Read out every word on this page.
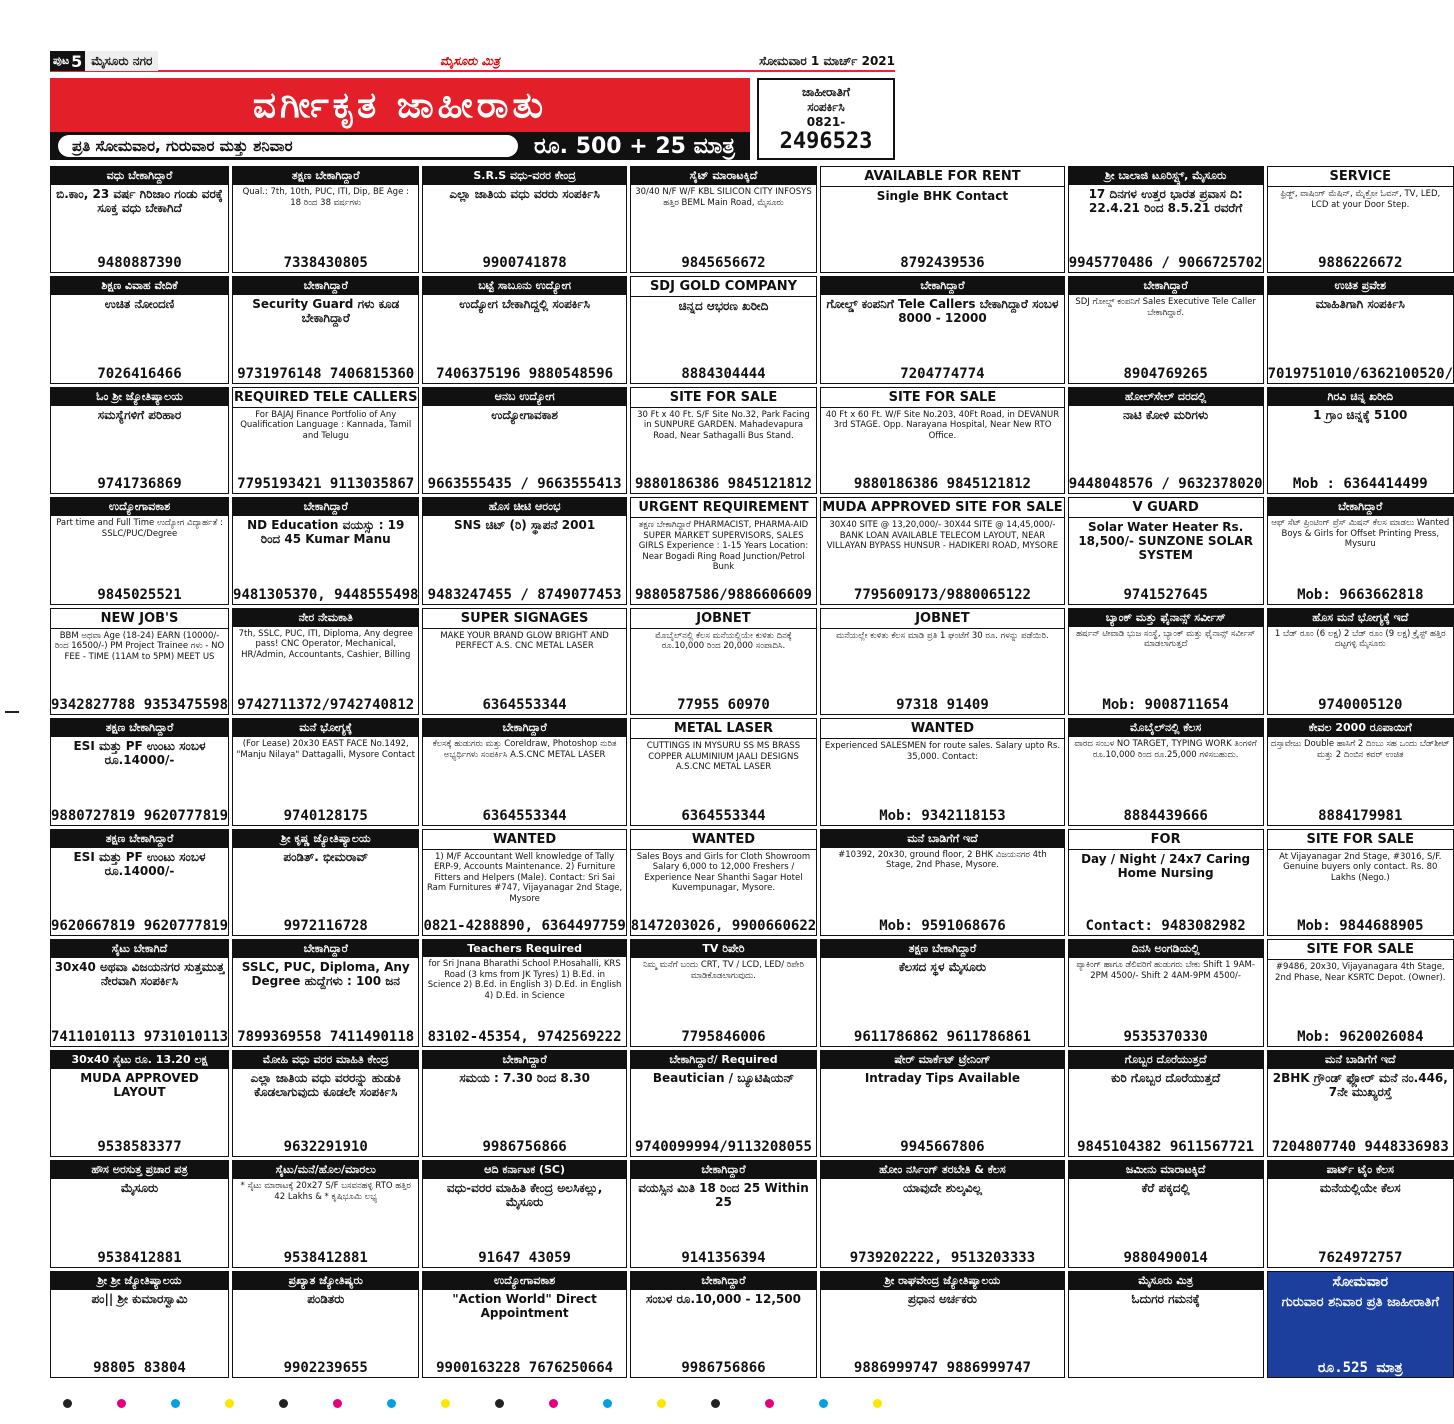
ಪುಟ 5 ಮೈಸೂರು ನಗರ	ಮೈಸೂರು ಮಿತ್ರ	ಸೋಮವಾರ 1 ಮಾರ್ಚ್ 2021
ವರ್ಗೀಕೃತ ಜಾಹೀರಾತು
ಪ್ರತಿ ಸೋಮವಾರ, ಗುರುವಾರ ಮತ್ತು ಶನಿವಾರ	ರೂ. 500 + 25 ಮಾತ್ರ
ಜಾಹೀರಾತಿಗೆ
ಸಂಪರ್ಕಿಸಿ
0821-
2496523
ವಧು ಬೇಕಾಗಿದ್ದಾರೆ
ಬಿ.ಕಾಂ, 23 ವರ್ಷ ಗಿರಿಜಾಂ ಗಂಡು ವರಕ್ಕೆ ಸೂಕ್ತ ವಧು ಬೇಕಾಗಿದೆ
9480887390
ತಕ್ಷಣ ಬೇಕಾಗಿದ್ದಾರೆ
Qual.: 7th, 10th, PUC, ITI, Dip, BE Age : 18 ರಿಂದ 38 ವರ್ಷಗಳು
7338430805
S.R.S ವಧು-ವರರ ಕೇಂದ್ರ
ಎಲ್ಲಾ ಜಾತಿಯ ವಧು ವರರು ಸಂಪರ್ಕಿಸಿ
9900741878
ಸೈಟ್ ಮಾರಾಟಕ್ಕಿದೆ
30/40 N/F W/F KBL SILICON CITY INFOSYS ಹತ್ತಿರ BEML Main Road, ಮೈಸೂರು
9845656672
AVAILABLE FOR RENT
Single BHK Contact
8792439536
ಶ್ರೀ ಬಾಲಾಜಿ ಟೂರಿಸ್ಟ್ಸ್, ಮೈಸೂರು
17 ದಿನಗಳ ಉತ್ತರ ಭಾರತ ಪ್ರವಾಸ ದಿ: 22.4.21 ರಿಂದ 8.5.21 ರವರೆಗೆ
9945770486 / 9066725702
SERVICE
ಫ್ರಿಡ್ಜ್, ವಾಷಿಂಗ್ ಮೆಷಿನ್, ಮೈಕ್ರೋ ಓವನ್, TV, LED, LCD at your Door Step.
9886226672
ಶಿಕ್ಷಣ ವಿವಾಹ ವೇದಿಕೆ
ಉಚಿತ ನೋಂದಣಿ
7026416466
ಬೇಕಾಗಿದ್ದಾರೆ
Security Guard ಗಳು ಕೂಡ ಬೇಕಾಗಿದ್ದಾರೆ
9731976148 7406815360
ಬಟ್ಟೆ ಸಾಬೂನು ಉದ್ಯೋಗ
ಉದ್ಯೋಗ ಬೇಕಾಗಿದ್ದಲ್ಲಿ ಸಂಪರ್ಕಿಸಿ
7406375196 9880548596
SDJ GOLD COMPANY
ಚಿನ್ನದ ಆಭರಣ ಖರೀದಿ
8884304444
ಬೇಕಾಗಿದ್ದಾರೆ
ಗೋಲ್ಡ್ ಕಂಪನಿಗೆ Tele Callers ಬೇಕಾಗಿದ್ದಾರೆ ಸಂಬಳ 8000 - 12000
7204774774
ಬೇಕಾಗಿದ್ದಾರೆ
SDJ ಗೋಲ್ಡ್ ಕಂಪನಿಗೆ Sales Executive Tele Caller ಬೇಕಾಗಿದ್ದಾರೆ.
8904769265
ಉಚಿತ ಪ್ರವೇಶ
ಮಾಹಿತಿಗಾಗಿ ಸಂಪರ್ಕಿಸಿ
7019751010/6362100520/
ಓಂ ಶ್ರೀ ಜ್ಯೋತಿಷ್ಯಾಲಯ
ಸಮಸ್ಯೆಗಳಿಗೆ ಪರಿಹಾರ
9741736869
REQUIRED TELE CALLERS
For BAJAJ Finance Portfolio of Any Qualification Language : Kannada, Tamil and Telugu
7795193421 9113035867
ಆನಬ ಉದ್ಯೋಗ
ಉದ್ಯೋಗಾವಕಾಶ
9663555435 / 9663555413
SITE FOR SALE
30 Ft x 40 Ft. S/F Site No.32, Park Facing in SUNPURE GARDEN. Mahadevapura Road, Near Sathagalli Bus Stand.
9880186386 9845121812
SITE FOR SALE
40 Ft x 60 Ft. W/F Site No.203, 40Ft Road, in DEVANUR 3rd STAGE. Opp. Narayana Hospital, Near New RTO Office.
9880186386 9845121812
ಹೋಲ್‌ಸೇಲ್ ದರದಲ್ಲಿ
ನಾಟಿ ಕೋಳಿ ಮರಿಗಳು
9448048576 / 9632378020
ಗಿರವಿ ಚಿನ್ನ ಖರೀದಿ
1 ಗ್ರಾಂ ಚಿನ್ನಕ್ಕೆ 5100
Mob : 6364414499
ಉದ್ಯೋಗಾವಕಾಶ
Part time and Full Time ಉದ್ಯೋಗ ವಿದ್ಯಾರ್ಹತೆ : SSLC/PUC/Degree
9845025521
ಬೇಕಾಗಿದ್ದಾರೆ
ND Education ವಯಸ್ಸು : 19 ರಿಂದ 45 Kumar Manu
9481305370, 9448555498
ಹೊಸ ಚೀಟಿ ಆರಂಭ
SNS ಚಿಟ್ (ರಿ) ಸ್ಥಾಪನೆ 2001
9483247455 / 8749077453
URGENT REQUIREMENT
ತಕ್ಷಣ ಬೇಕಾಗಿದ್ದಾರೆ PHARMACIST, PHARMA-AID SUPER MARKET SUPERVISORS, SALES GIRLS Experience : 1-15 Years Location: Near Bogadi Ring Road Junction/Petrol Bunk
9880587586/9886606609
MUDA APPROVED SITE FOR SALE
30X40 SITE @ 13,20,000/- 30X44 SITE @ 14,45,000/- BANK LOAN AVAILABLE TELECOM LAYOUT, NEAR VILLAYAN BYPASS HUNSUR - HADIKERI ROAD, MYSORE
7795609173/9880065122
V GUARD
Solar Water Heater Rs. 18,500/- SUNZONE SOLAR SYSTEM
9741527645
ಬೇಕಾಗಿದ್ದಾರೆ
ಆಫ್ ಸೆಟ್ ಪ್ರಿಂಟಿಂಗ್ ಪ್ರೆಸ್ ಮಿಷನ್ ಕೆಲಸ ಮಾಡಲು Wanted Boys & Girls for Offset Printing Press, Mysuru
Mob: 9663662818
NEW JOB'S
BBM ಅಥವಾ Age (18-24) EARN (10000/- ರಿಂದ 16500/-) PM Project Trainee ಗಳು - NO FEE - TIME (11AM to 5PM) MEET US
9342827788 9353475598
ನೇರ ನೇಮಕಾತಿ
7th, SSLC, PUC, ITI, Diploma, Any degree pass! CNC Operator, Mechanical, HR/Admin, Accountants, Cashier, Billing
9742711372/9742740812
SUPER SIGNAGES
MAKE YOUR BRAND GLOW BRIGHT AND PERFECT A.S. CNC METAL LASER
6364553344
JOBNET
ಮೊಬೈಲ್‌ನಲ್ಲಿ ಕೆಲಸ ಮನೆಯಲ್ಲಿಯೇ ಕುಳಿತು ದಿನಕ್ಕೆ ರೂ.10,000 ರಿಂದ 20,000 ಸಂಪಾದಿಸಿ.
77955 60970
JOBNET
ಮನೆಯಲ್ಲೇ ಕುಳಿತು ಕೆಲಸ ಮಾಡಿ ಪ್ರತಿ 1 ಘಂಟೆಗೆ 30 ರೂ. ಗಳನ್ನು ಪಡೆಯಿರಿ.
97318 91409
ಬ್ಯಾಂಕ್ ಮತ್ತು ಫೈನಾನ್ಸ್ ಸರ್ವೀಸ್
ಹರ್ಷನ್ ಟೀವಾಡಿ ಭುಜ ಸಂಸ್ಥೆ, ಬ್ಯಾಂಕ್ ಮತ್ತು ಫೈನಾನ್ಸ್ ಸರ್ವೀಸ್ ಮಾಡಲಾಗುತ್ತದೆ
Mob: 9008711654
ಹೊಸ ಮನೆ ಭೋಗ್ಯಕ್ಕೆ ಇದೆ
1 ಬೆಡ್ ರೂಂ (6 ಲಕ್ಷ) 2 ಬೆಡ್ ರೂಂ (9 ಲಕ್ಷ) ಕ್ರೈಸ್ಟ್ ಹತ್ತಿರ ದಟ್ಟಗಳ್ಳಿ ಮೈಸೂರು
9740005120
ತಕ್ಷಣ ಬೇಕಾಗಿದ್ದಾರೆ
ESI ಮತ್ತು PF ಉಂಟು ಸಂಬಳ ರೂ.14000/-
9880727819 9620777819
ಮನೆ ಭೋಗ್ಯಕ್ಕೆ
(For Lease) 20x30 EAST FACE No.1492, "Manju Nilaya" Dattagalli, Mysore Contact
9740128175
ಬೇಕಾಗಿದ್ದಾರೆ
ಕೆಲಸಕ್ಕೆ ಹುಡುಗರು ಮತ್ತು Coreldraw, Photoshop ನುರಿತ ಅಭ್ಯರ್ಥಿಗಳು ಸಂಪರ್ಕಿಸಿ A.S.CNC METAL LASER
6364553344
METAL LASER
CUTTINGS IN MYSURU SS MS BRASS COPPER ALUMINIUM JAALI DESIGNS A.S.CNC METAL LASER
6364553344
WANTED
Experienced SALESMEN for route sales. Salary upto Rs. 35,000. Contact:
Mob: 9342118153
ಮೊಬೈಲ್‌ನಲ್ಲಿ ಕೆಲಸ
ವಾರದ ಸಂಬಳ NO TARGET, TYPING WORK ತಿಂಗಳಿಗೆ ರೂ.10,000 ರಿಂದ ರೂ.25,000 ಗಳಿಸಬಹುದು.
8884439666
ಕೇವಲ 2000 ರೂಪಾಯಿಗೆ
ದಸ್ತಾವೇಜು Double ಹಾಸಿಗೆ 2 ದಿಂಬು ಸಹ ಒಂದು ಬೆಡ್‌ಶೀಟ್ ಮತ್ತು 2 ದಿಂಬಿನ ಕವರ್ ಉಚಿತ
8884179981
ತಕ್ಷಣ ಬೇಕಾಗಿದ್ದಾರೆ
ESI ಮತ್ತು PF ಉಂಟು ಸಂಬಳ ರೂ.14000/-
9620667819 9620777819
ಶ್ರೀ ಕೃಷ್ಣ ಜ್ಯೋತಿಷ್ಯಾಲಯ
ಪಂಡಿತ್. ಭೀಮರಾವ್
9972116728
WANTED
1) M/F Accountant Well knowledge of Tally ERP-9, Accounts Maintenance. 2) Furniture Fitters and Helpers (Male). Contact: Sri Sai Ram Furnitures #747, Vijayanagar 2nd Stage, Mysore
0821-4288890, 6364497759
WANTED
Sales Boys and Girls for Cloth Showroom Salary 6,000 to 12,000 Freshers / Experience Near Shanthi Sagar Hotel Kuvempunagar, Mysore.
8147203026, 9900660622
ಮನೆ ಬಾಡಿಗೆಗೆ ಇದೆ
#10392, 20x30, ground floor, 2 BHK ವಿಜಯನಗರ 4th Stage, 2nd Phase, Mysore.
Mob: 9591068676
FOR
Day / Night / 24x7 Caring Home Nursing
Contact: 9483082982
SITE FOR SALE
At Vijayanagar 2nd Stage, #3016, S/F. Genuine buyers only contact. Rs. 80 Lakhs (Nego.)
Mob: 9844688905
ಸೈಟು ಬೇಕಾಗಿದೆ
30x40 ಅಥವಾ ವಿಜಯನಗರ ಸುತ್ತಮುತ್ತ ನೇರವಾಗಿ ಸಂಪರ್ಕಿಸಿ
7411010113 9731010113
ಬೇಕಾಗಿದ್ದಾರೆ
SSLC, PUC, Diploma, Any Degree ಹುದ್ದೆಗಳು : 100 ಜನ
7899369558 7411490118
Teachers Required
for Sri Jnana Bharathi School P.Hosahalli, KRS Road (3 kms from JK Tyres) 1) B.Ed. in Science 2) B.Ed. in English 3) D.Ed. in English 4) D.Ed. in Science
83102-45354, 9742569222
TV ರಿಪೇರಿ
ನಿಮ್ಮ ಮನೆಗೆ ಬಂದು CRT, TV / LCD, LED/ ರಿಪೇರಿ ಮಾಡಿಕೊಡಲಾಗುವುದು.
7795846006
ತಕ್ಷಣ ಬೇಕಾಗಿದ್ದಾರೆ
ಕೆಲಸದ ಸ್ಥಳ ಮೈಸೂರು
9611786862 9611786861
ದಿನಸಿ ಅಂಗಡಿಯಲ್ಲಿ
ಪ್ಯಾಕಿಂಗ್ ಹಾಗೂ ಡೆಲಿವರಿಗೆ ಹುಡುಗರು ಬೇಕು Shift 1 9AM-2PM 4500/- Shift 2 4AM-9PM 4500/-
9535370330
SITE FOR SALE
#9486, 20x30, Vijayanagara 4th Stage, 2nd Phase, Near KSRTC Depot. (Owner).
Mob: 9620026084
30x40 ಸೈಟು ರೂ. 13.20 ಲಕ್ಷ
MUDA APPROVED LAYOUT
9538583377
ಮೋಹಿ ವಧು ವರರ ಮಾಹಿತಿ ಕೇಂದ್ರ
ಎಲ್ಲಾ ಜಾತಿಯ ವಧು ವರರನ್ನು ಹುಡುಕಿ ಕೊಡಲಾಗುವುದು ಕೂಡಲೇ ಸಂಪರ್ಕಿಸಿ
9632291910
ಬೇಕಾಗಿದ್ದಾರೆ
ಸಮಯ : 7.30 ರಿಂದ 8.30
9986756866
ಬೇಕಾಗಿದ್ದಾರೆ/ Required
Beautician / ಬ್ಯೂಟಿಷಿಯನ್
9740099994/9113208055
ಷೇರ್ ಮಾರ್ಕೆಟ್ ಟ್ರೇನಿಂಗ್
Intraday Tips Available
9945667806
ಗೊಬ್ಬರ ದೊರೆಯುತ್ತದೆ
ಕುರಿ ಗೊಬ್ಬರ ದೊರೆಯುತ್ತದೆ
9845104382 9611567721
ಮನೆ ಬಾಡಿಗೆಗೆ ಇದೆ
2BHK ಗ್ರೌಂಡ್‌ ಫ್ಲೋರ್ ಮನೆ ನಂ.446, 7ನೇ ಮುಖ್ಯರಸ್ತೆ
7204807740 9448336983
ಹೌಸ ಅರಸುತ್ತ ಪ್ರಚಾರ ಪತ್ರ
ಮೈಸೂರು
9538412881
ಸೈಟು/ಮನೆ/ಹೊಲ/ಮಾರಲು
* ಸೈಟು ಮಾರಾಟಕ್ಕೆ 20x27 S/F ಬಸವನಹಳ್ಳಿ RTO ಹತ್ತಿರ 42 Lakhs & * ಕೃಷಿಭೂಮಿ ಲಭ್ಯ
9538412881
ಆದಿ ಕರ್ನಾಟಕ (SC)
ವಧು-ವರರ ಮಾಹಿತಿ ಕೇಂದ್ರ ಅಲಸಿಕಲ್ಲು, ಮೈಸೂರು
91647 43059
ಬೇಕಾಗಿದ್ದಾರೆ
ವಯಸ್ಸಿನ ಮಿತಿ 18 ರಿಂದ 25 Within 25
9141356394
ಹೋಂ ನರ್ಸಿಂಗ್ ತರಬೇತಿ & ಕೆಲಸ
ಯಾವುದೇ ಶುಲ್ಕವಿಲ್ಲ
9739202222, 9513203333
ಜಮೀನು ಮಾರಾಟಕ್ಕಿದೆ
ಕೆರೆ ಪಕ್ಕದಲ್ಲಿ
9880490014
ಪಾರ್ಟ್ ಟೈಂ ಕೆಲಸ
ಮನೆಯಲ್ಲಿಯೇ ಕೆಲಸ
7624972757
ಶ್ರೀ ಶ್ರೀ ಜ್ಯೋತಿಷ್ಯಾಲಯ
ಪಂ|| ಶ್ರೀ ಕುಮಾರಸ್ವಾಮಿ
98805 83804
ಪ್ರಖ್ಯಾತ ಜ್ಯೋತಿಷ್ಯರು
ಪಂಡಿತರು
9902239655
ಉದ್ಯೋಗಾವಕಾಶ
"Action World" Direct Appointment
9900163228 7676250664
ಬೇಕಾಗಿದ್ದಾರೆ
ಸಂಬಳ ರೂ.10,000 - 12,500
9986756866
ಶ್ರೀ ರಾಘವೇಂದ್ರ ಜ್ಯೋತಿಷ್ಯಾಲಯ
ಪ್ರಧಾನ ಅರ್ಚಕರು
9886999747 9886999747
ಮೈಸೂರು ಮಿತ್ರ
ಓದುಗರ ಗಮನಕ್ಕೆ
ಸೋಮವಾರ
ಗುರುವಾರ ಶನಿವಾರ ಪ್ರತಿ ಜಾಹೀರಾತಿಗೆ
ರೂ.525 ಮಾತ್ರ
